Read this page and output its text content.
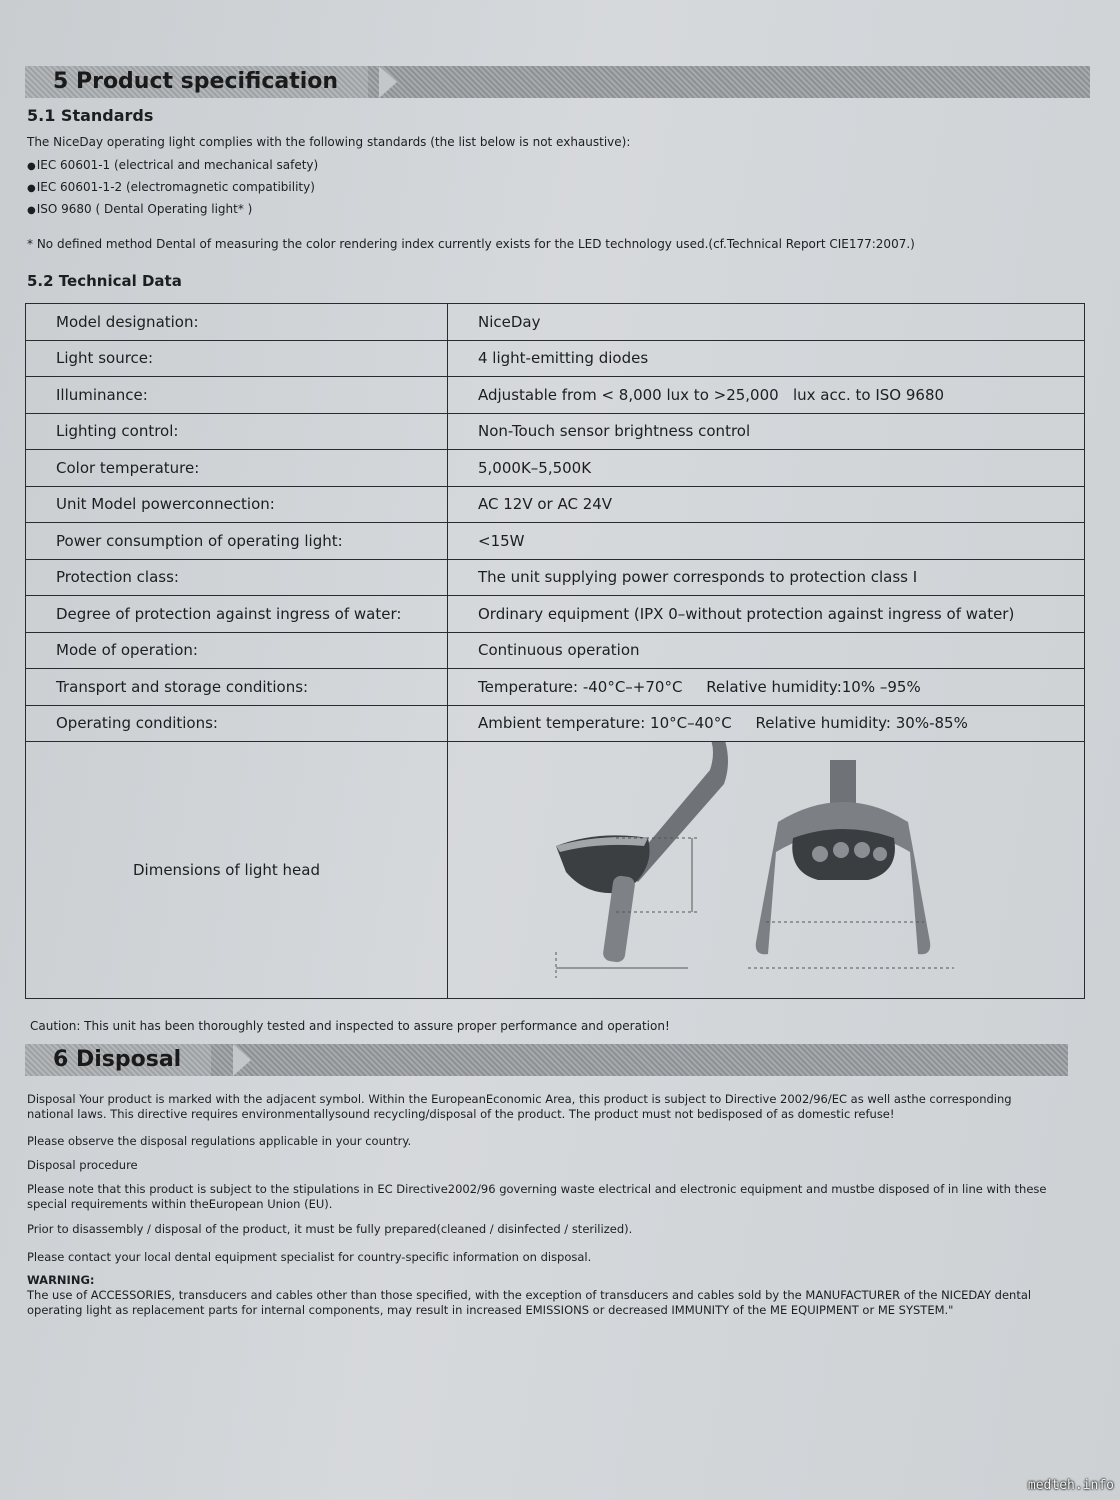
5 Product specification
5.1 Standards
The NiceDay operating light complies with the following standards (the list below is not exhaustive):
● IEC 60601-1 (electrical and mechanical safety)
● IEC 60601-1-2 (electromagnetic compatibility)
● ISO 9680 ( Dental Operating light* )
* No defined method Dental of measuring the color rendering index currently exists for the LED technology used.(cf.Technical Report CIE177:2007.)
5.2 Technical Data
Model designation:	NiceDay
Light source:	4 light-emitting diodes
Illuminance:	Adjustable from < 8,000 lux to >25,000   lux acc. to ISO 9680
Lighting control:	Non-Touch sensor brightness control
Color temperature:	5,000K–5,500K
Unit Model powerconnection:	AC 12V or AC 24V
Power consumption of operating light:	<15W
Protection class:	The unit supplying power corresponds to protection class I
Degree of protection against ingress of water:	Ordinary equipment (IPX 0–without protection against ingress of water)
Mode of operation:	Continuous operation
Transport and storage conditions:	Temperature: -40°C–+70°C     Relative humidity:10% –95%
Operating conditions:	Ambient temperature: 10°C–40°C     Relative humidity: 30%-85%
Dimensions of light head	
Caution: This unit has been thoroughly tested and inspected to assure proper performance and operation!
6 Disposal
Disposal Your product is marked with the adjacent symbol. Within the EuropeanEconomic Area, this product is subject to Directive 2002/96/EC as well asthe corresponding national laws. This directive requires environmentallysound recycling/disposal of the product. The product must not bedisposed of as domestic refuse!
Please observe the disposal regulations applicable in your country.
Disposal procedure
Please note that this product is subject to the stipulations in EC Directive2002/96 governing waste electrical and electronic equipment and mustbe disposed of in line with these special requirements within theEuropean Union (EU).
Prior to disassembly / disposal of the product, it must be fully prepared(cleaned / disinfected / sterilized).
Please contact your local dental equipment specialist for country-specific information on disposal.
WARNING:
The use of ACCESSORIES, transducers and cables other than those specified, with the exception of transducers and cables sold by the MANUFACTURER of the NICEDAY dental operating light as replacement parts for internal components, may result in increased EMISSIONS or decreased IMMUNITY of the ME EQUIPMENT or ME SYSTEM."
medteh.info
